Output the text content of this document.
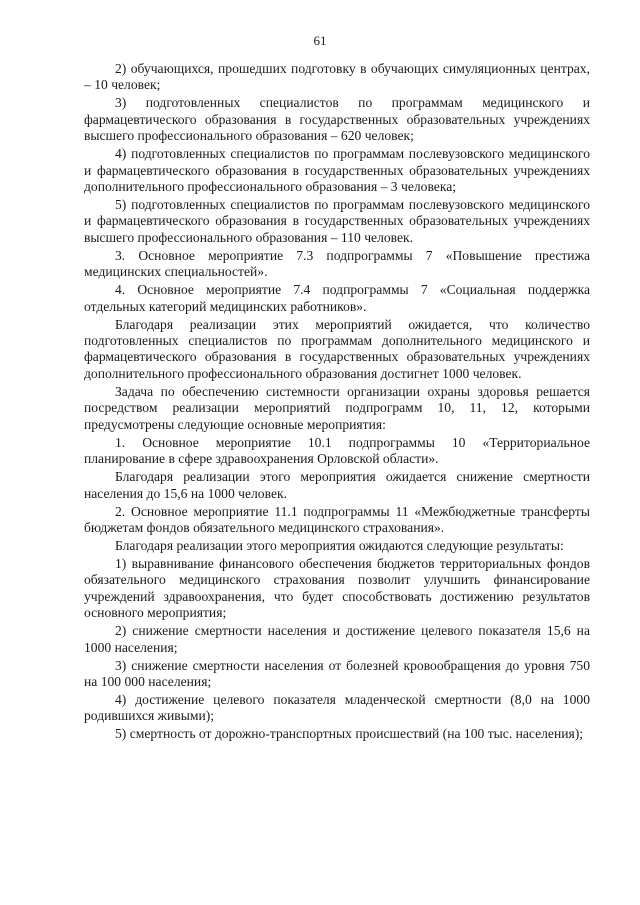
61

2) обучающихся, прошедших подготовку в обучающих симуляционных центрах, – 10 человек;

3) подготовленных специалистов по программам медицинского и фармацевтического образования в государственных образовательных учреждениях высшего профессионального образования – 620 человек;

4) подготовленных специалистов по программам послевузовского медицинского и фармацевтического образования в государственных образовательных учреждениях дополнительного профессионального образования – 3 человека;

5) подготовленных специалистов по программам послевузовского медицинского и фармацевтического образования в государственных образовательных учреждениях высшего профессионального образования – 110 человек.

3. Основное мероприятие 7.3 подпрограммы 7 «Повышение престижа медицинских специальностей».

4. Основное мероприятие 7.4 подпрограммы 7 «Социальная поддержка отдельных категорий медицинских работников».

Благодаря реализации этих мероприятий ожидается, что количество подготовленных специалистов по программам дополнительного медицинского и фармацевтического образования в государственных образовательных учреждениях дополнительного профессионального образования достигнет 1000 человек.

Задача по обеспечению системности организации охраны здоровья решается посредством реализации мероприятий подпрограмм 10, 11, 12, которыми предусмотрены следующие основные мероприятия:

1. Основное мероприятие 10.1 подпрограммы 10 «Территориальное планирование в сфере здравоохранения Орловской области».

Благодаря реализации этого мероприятия ожидается снижение смертности населения до 15,6 на 1000 человек.

2. Основное мероприятие 11.1 подпрограммы 11 «Межбюджетные трансферты бюджетам фондов обязательного медицинского страхования».

Благодаря реализации этого мероприятия ожидаются следующие результаты:

1) выравнивание финансового обеспечения бюджетов территориальных фондов обязательного медицинского страхования позволит улучшить финансирование учреждений здравоохранения, что будет способствовать достижению результатов основного мероприятия;

2) снижение смертности населения и достижение целевого показателя 15,6 на 1000 населения;

3) снижение смертности населения от болезней кровообращения до уровня 750 на 100 000 населения;

4) достижение целевого показателя младенческой смертности (8,0 на 1000 родившихся живыми);

5) смертность от дорожно-транспортных происшествий (на 100 тыс. населения);
